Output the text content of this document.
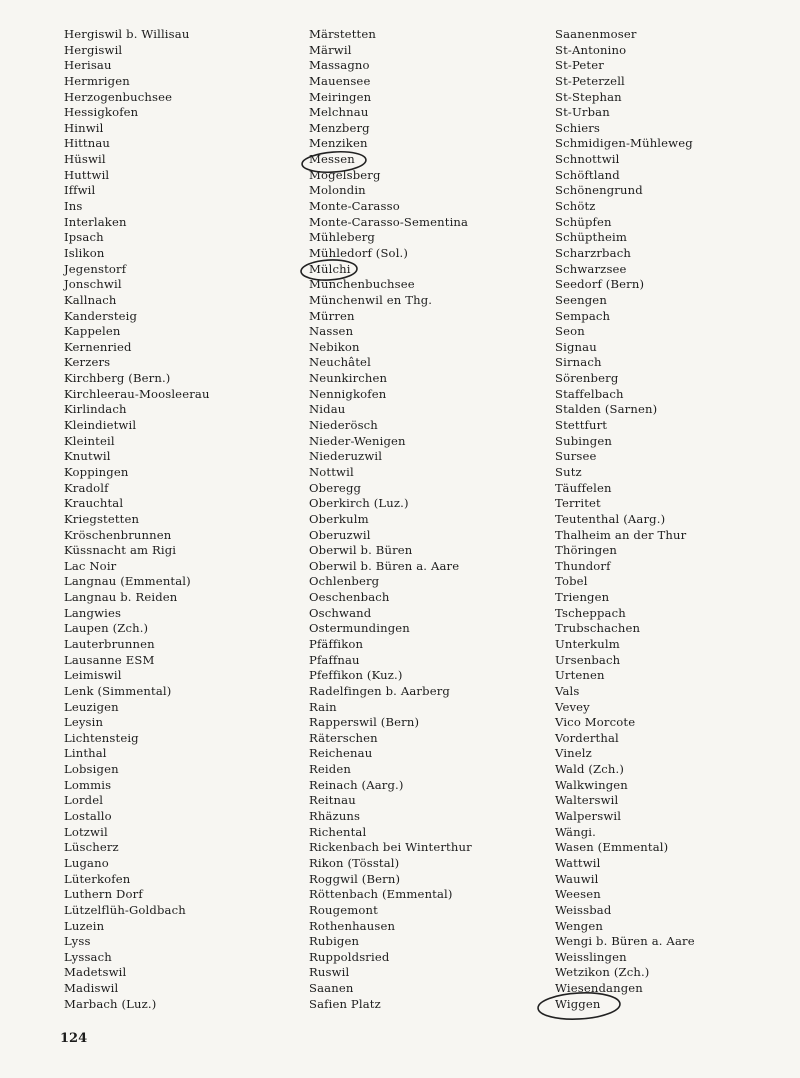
Hergiswil b. Willisau
Hergiswil
Herisau
Hermrigen
Herzogenbuchsee
Hessigkofen
Hinwil
Hittnau
Hüswil
Huttwil
Iffwil
Ins
Interlaken
Ipsach
Islikon
Jegenstorf
Jonschwil
Kallnach
Kandersteig
Kappelen
Kernenried
Kerzers
Kirchberg (Bern.)
Kirchleerau-Moosleerau
Kirlindach
Kleindietwil
Kleinteil
Knutwil
Koppingen
Kradolf
Krauchtal
Kriegstetten
Kröschenbrunnen
Küssnacht am Rigi
Lac Noir
Langnau (Emmental)
Langnau b. Reiden
Langwies
Laupen (Zch.)
Lauterbrunnen
Lausanne ESM
Leimiswil
Lenk (Simmental)
Leuzigen
Leysin
Lichtensteig
Linthal
Lobsigen
Lommis
Lordel
Lostallo
Lotzwil
Lüscherz
Lugano
Lüterkofen
Luthern Dorf
Lützelflüh-Goldbach
Luzein
Lyss
Lyssach
Madetswil
Madiswil
Marbach (Luz.)
Märstetten
Märwil
Massagno
Mauensee
Meiringen
Melchnau
Menzberg
Menziken
Messen
Mogelsberg
Molondin
Monte-Carasso
Monte-Carasso-Sementina
Mühleberg
Mühledorf (Sol.)
Mülchi
Münchenbuchsee
Münchenwil en Thg.
Mürren
Nassen
Nebikon
Neuchâtel
Neunkirchen
Nennigkofen
Nidau
Niederösch
Nieder-Wenigen
Niederuzwil
Nottwil
Oberegg
Oberkirch (Luz.)
Oberkulm
Oberuzwil
Oberwil b. Büren
Oberwil b. Büren a. Aare
Ochlenberg
Oeschenbach
Oschwand
Ostermundingen
Pfäffikon
Pfaffnau
Pfeffikon (Kuz.)
Radelfingen b. Aarberg
Rain
Rapperswil (Bern)
Räterschen
Reichenau
Reiden
Reinach (Aarg.)
Reitnau
Rhäzuns
Richental
Rickenbach bei Winterthur
Rikon (Tösstal)
Roggwil (Bern)
Röttenbach (Emmental)
Rougemont
Rothenhausen
Rubigen
Ruppoldsried
Ruswil
Saanen
Safien Platz
Saanenmoser
St-Antonino
St-Peter
St-Peterzell
St-Stephan
St-Urban
Schiers
Schmidigen-Mühleweg
Schnottwil
Schöftland
Schönengrund
Schötz
Schüpfen
Schüptheim
Scharzrbach
Schwarzsee
Seedorf (Bern)
Seengen
Sempach
Seon
Signau
Sirnach
Sörenberg
Staffelbach
Stalden (Sarnen)
Stettfurt
Subingen
Sursee
Sutz
Täuffelen
Territet
Teutenthal (Aarg.)
Thalheim an der Thur
Thöringen
Thundorf
Tobel
Triengen
Tscheppach
Trubschachen
Unterkulm
Ursenbach
Urtenen
Vals
Vevey
Vico Morcote
Vorderthal
Vinelz
Wald (Zch.)
Walkwingen
Walterswil
Walperswil
Wängi.
Wasen (Emmental)
Wattwil
Wauwil
Weesen
Weissbad
Wengen
Wengi b. Büren a. Aare
Weisslingen
Wetzikon (Zch.)
Wiesendangen
Wiggen
124
